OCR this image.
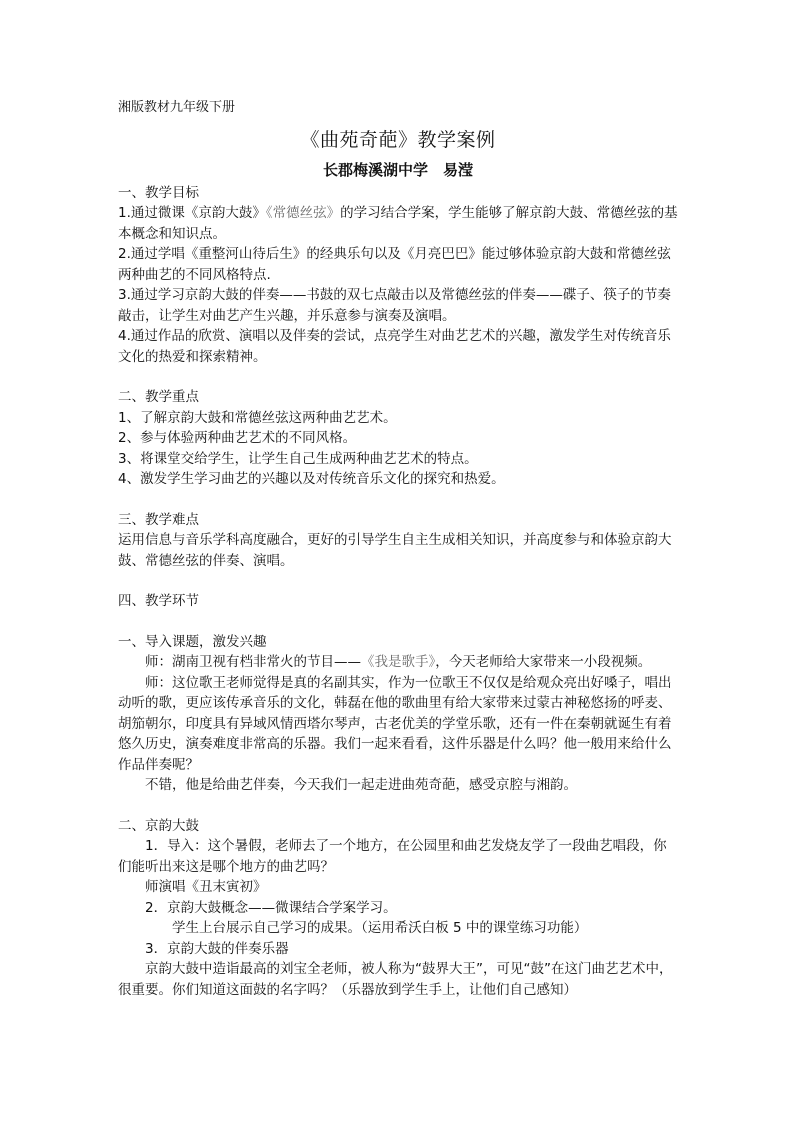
湘版教材九年级下册
《曲苑奇葩》教学案例
长郡梅溪湖中学　易滢
一、教学目标
1.通过微课《京韵大鼓》《常德丝弦》的学习结合学案，学生能够了解京韵大鼓、常德丝弦的基本概念和知识点。
2.通过学唱《重整河山待后生》的经典乐句以及《月亮巴巴》能过够体验京韵大鼓和常德丝弦两种曲艺的不同风格特点.
3.通过学习京韵大鼓的伴奏——书鼓的双七点敲击以及常德丝弦的伴奏——碟子、筷子的节奏敲击，让学生对曲艺产生兴趣，并乐意参与演奏及演唱。
4.通过作品的欣赏、演唱以及伴奏的尝试，点亮学生对曲艺艺术的兴趣，激发学生对传统音乐文化的热爱和探索精神。
二、教学重点
1、了解京韵大鼓和常德丝弦这两种曲艺艺术。
2、参与体验两种曲艺艺术的不同风格。
3、将课堂交给学生，让学生自己生成两种曲艺艺术的特点。
4、激发学生学习曲艺的兴趣以及对传统音乐文化的探究和热爱。
三、教学难点
运用信息与音乐学科高度融合，更好的引导学生自主生成相关知识，并高度参与和体验京韵大鼓、常德丝弦的伴奏、演唱。
四、教学环节
一、导入课题，激发兴趣
师：湖南卫视有档非常火的节目——《我是歌手》，今天老师给大家带来一小段视频。
师：这位歌王老师觉得是真的名副其实，作为一位歌王不仅仅是给观众亮出好嗓子，唱出动听的歌，更应该传承音乐的文化，韩磊在他的歌曲里有给大家带来过蒙古神秘悠扬的呼麦、胡笳朝尔，印度具有异域风情西塔尔琴声，古老优美的学堂乐歌，还有一件在秦朝就诞生有着悠久历史，演奏难度非常高的乐器。我们一起来看看，这件乐器是什么吗？他一般用来给什么作品伴奏呢？
不错，他是给曲艺伴奏，今天我们一起走进曲苑奇葩，感受京腔与湘韵。
二、京韵大鼓
1．导入：这个暑假，老师去了一个地方，在公园里和曲艺发烧友学了一段曲艺唱段，你们能听出来这是哪个地方的曲艺吗？
师演唱《丑末寅初》
2．京韵大鼓概念——微课结合学案学习。
学生上台展示自己学习的成果。（运用希沃白板 5 中的课堂练习功能）
3．京韵大鼓的伴奏乐器
京韵大鼓中造诣最高的刘宝全老师，被人称为“鼓界大王”，可见“鼓”在这门曲艺艺术中，很重要。你们知道这面鼓的名字吗？（乐器放到学生手上，让他们自己感知）
